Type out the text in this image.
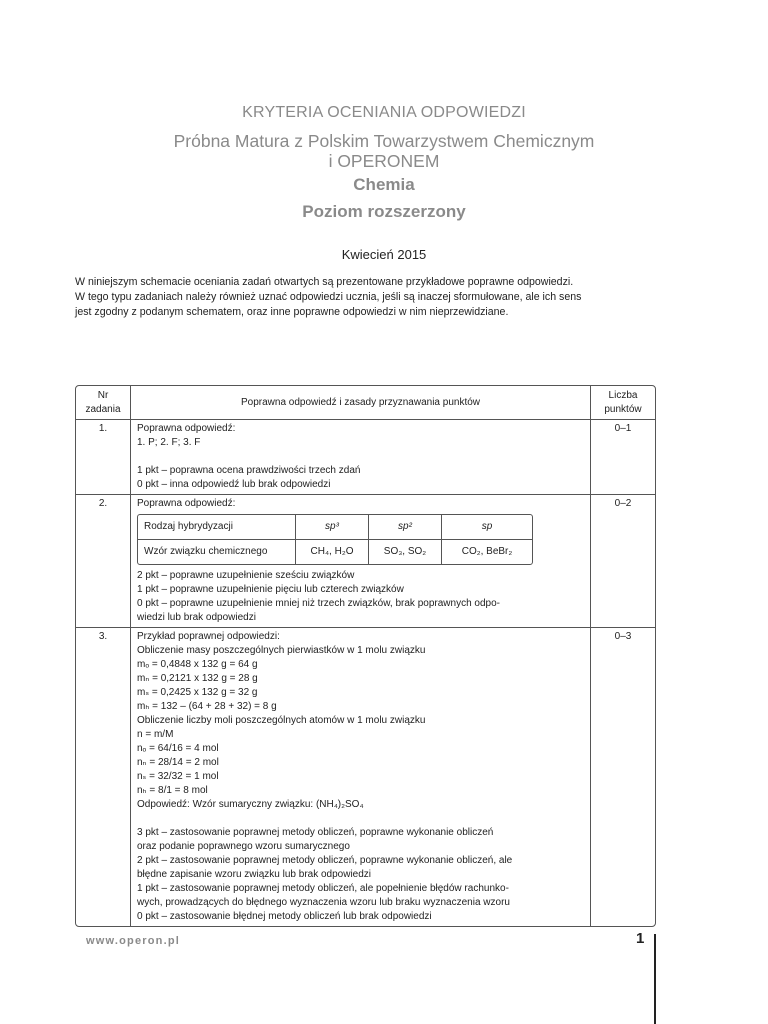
KRYTERIA OCENIANIA ODPOWIEDZI
Próbna Matura z Polskim Towarzystwem Chemicznym
i OPERONEM
Chemia
Poziom rozszerzony
Kwiecień 2015

W niniejszym schemacie oceniania zadań otwartych są prezentowane przykładowe poprawne odpowiedzi.
W tego typu zadaniach należy również uznać odpowiedzi ucznia, jeśli są inaczej sformułowane, ale ich sens
jest zgodny z podanym schematem, oraz inne poprawne odpowiedzi w nim nieprzewidziane.

Nr
zadania
	Poprawna odpowiedź i zasady przyznawania punktów	
Liczba
punktów

1.	Poprawna odpowiedź:
1. P; 2. F; 3. F
1 pkt – poprawna ocena prawdziwości trzech zdań
0 pkt – inna odpowiedź lub brak odpowiedzi
	0–1
2.	Poprawna odpowiedź:
Rodzaj hybrydyzacji	sp³	sp²	sp
Wzór związku chemicznego	CH₄, H₂O	SO₃, SO₂	CO₂, BeBr₂
2 pkt – poprawne uzupełnienie sześciu związków
1 pkt – poprawne uzupełnienie pięciu lub czterech związków
0 pkt – poprawne uzupełnienie mniej niż trzech związków, brak poprawnych odpo-
wiedzi lub brak odpowiedzi
	0–2
3.	Przykład poprawnej odpowiedzi:
Obliczenie masy poszczególnych pierwiastków w 1 molu związku
mₒ = 0,4848 x 132 g = 64 g
mₙ = 0,2121 x 132 g = 28 g
mₛ = 0,2425 x 132 g = 32 g
mₕ = 132 – (64 + 28 + 32) = 8 g
Obliczenie liczby moli poszczególnych atomów w 1 molu związku
n = m/M
nₒ = 64/16 = 4 mol
nₙ = 28/14 = 2 mol
nₛ = 32/32 = 1 mol
nₕ = 8/1 = 8 mol
Odpowiedź: Wzór sumaryczny związku: (NH₄)₂SO₄
3 pkt – zastosowanie poprawnej metody obliczeń, poprawne wykonanie obliczeń
oraz podanie poprawnego wzoru sumarycznego
2 pkt – zastosowanie poprawnej metody obliczeń, poprawne wykonanie obliczeń, ale
błędne zapisanie wzoru związku lub brak odpowiedzi
1 pkt – zastosowanie poprawnej metody obliczeń, ale popełnienie błędów rachunko-
wych, prowadzących do błędnego wyznaczenia wzoru lub braku wyznaczenia wzoru
0 pkt – zastosowanie błędnej metody obliczeń lub brak odpowiedzi
	0–3
www.operon.pl	1
